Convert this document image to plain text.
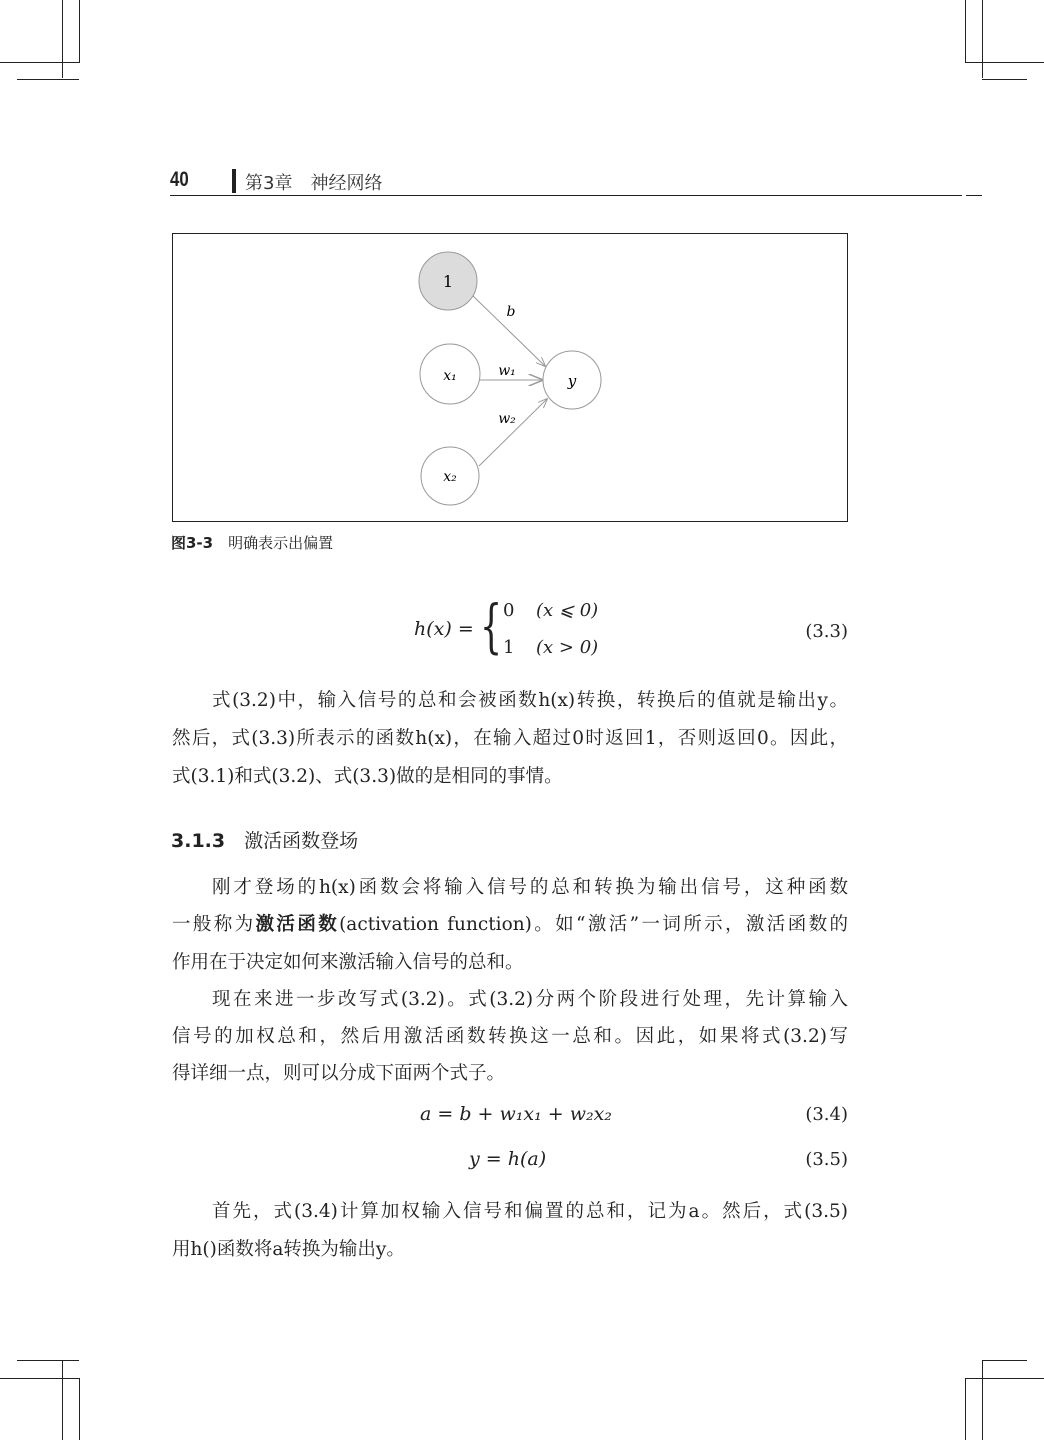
40	第3章　神经网络
1
x₁
x₂
y
b
w₁
w₂
图3-3  明确表示出偏置
h(x) = { 0 (x ⩽ 0)
1 (x > 0)
(3.3)
式(3.2)中，输入信号的总和会被函数h(x)转换，转换后的值就是输出y。
然后，式(3.3)所表示的函数h(x)，在输入超过0时返回1，否则返回0。因此，
式(3.1)和式(3.2)、式(3.3)做的是相同的事情。
3.1.3  激活函数登场
刚才登场的h(x)函数会将输入信号的总和转换为输出信号，这种函数
一般称为激活函数(activation function)。如“激活”一词所示，激活函数的
作用在于决定如何来激活输入信号的总和。
现在来进一步改写式(3.2)。式(3.2)分两个阶段进行处理，先计算输入
信号的加权总和，然后用激活函数转换这一总和。因此，如果将式(3.2)写
得详细一点，则可以分成下面两个式子。
a = b + w₁x₁ + w₂x₂	(3.4)
y = h(a)	(3.5)
首先，式(3.4)计算加权输入信号和偏置的总和，记为a。然后，式(3.5)
用h()函数将a转换为输出y。
